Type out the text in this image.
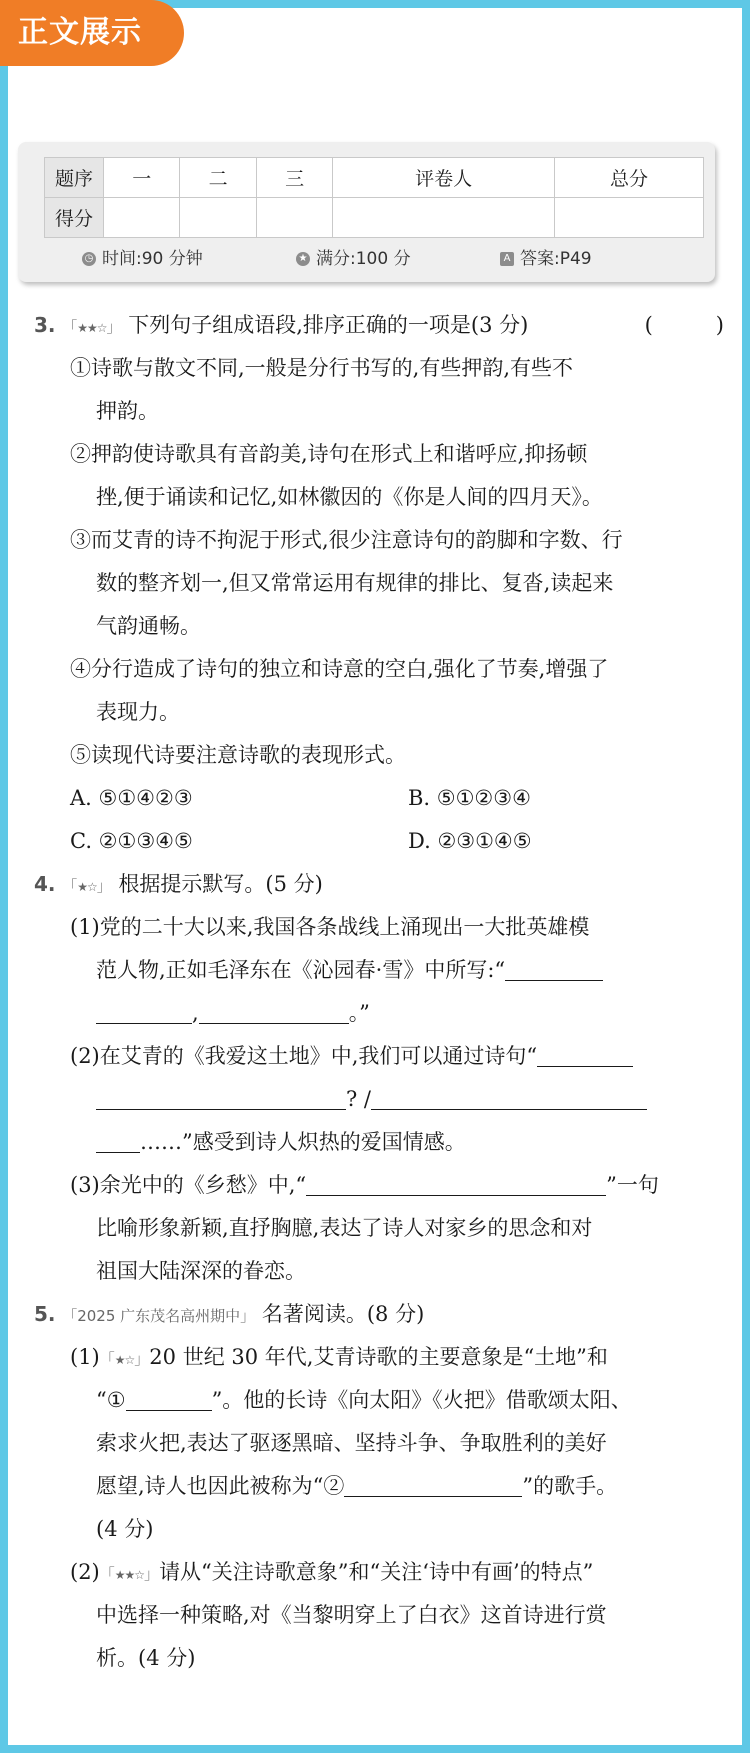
正文展示
题序	一	二	三	评卷人	总分
得分					
◷ 时间:90 分钟	★ 满分:100 分	A 答案:P49
3. 「★★☆」 下列句子组成语段,排序正确的一项是(3 分)	(　　　)
①诗歌与散文不同,一般是分行书写的,有些押韵,有些不
押韵。
②押韵使诗歌具有音韵美,诗句在形式上和谐呼应,抑扬顿
挫,便于诵读和记忆,如林徽因的《你是人间的四月天》。
③而艾青的诗不拘泥于形式,很少注意诗句的韵脚和字数、行
数的整齐划一,但又常常运用有规律的排比、复沓,读起来
气韵通畅。
④分行造成了诗句的独立和诗意的空白,强化了节奏,增强了
表现力。
⑤读现代诗要注意诗歌的表现形式。
A. ⑤①④②③	B. ⑤①②③④
C. ②①③④⑤	D. ②③①④⑤
4. 「★☆」 根据提示默写。(5 分)
(1)党的二十大以来,我国各条战线上涌现出一大批英雄模
范人物,正如毛泽东在《沁园春·雪》中所写:“
,	。”
(2)在艾青的《我爱这土地》中,我们可以通过诗句“
? /
……”感受到诗人炽热的爱国情感。
(3)余光中的《乡愁》中,“	”一句
比喻形象新颖,直抒胸臆,表达了诗人对家乡的思念和对
祖国大陆深深的眷恋。
5. 「2025 广东茂名高州期中」 名著阅读。(8 分)
(1)「★☆」20 世纪 30 年代,艾青诗歌的主要意象是“土地”和
“①	”。他的长诗《向太阳》《火把》借歌颂太阳、
索求火把,表达了驱逐黑暗、坚持斗争、争取胜利的美好
愿望,诗人也因此被称为“②	”的歌手。
(4 分)
(2)「★★☆」请从“关注诗歌意象”和“关注‘诗中有画’的特点”
中选择一种策略,对《当黎明穿上了白衣》这首诗进行赏
析。(4 分)
